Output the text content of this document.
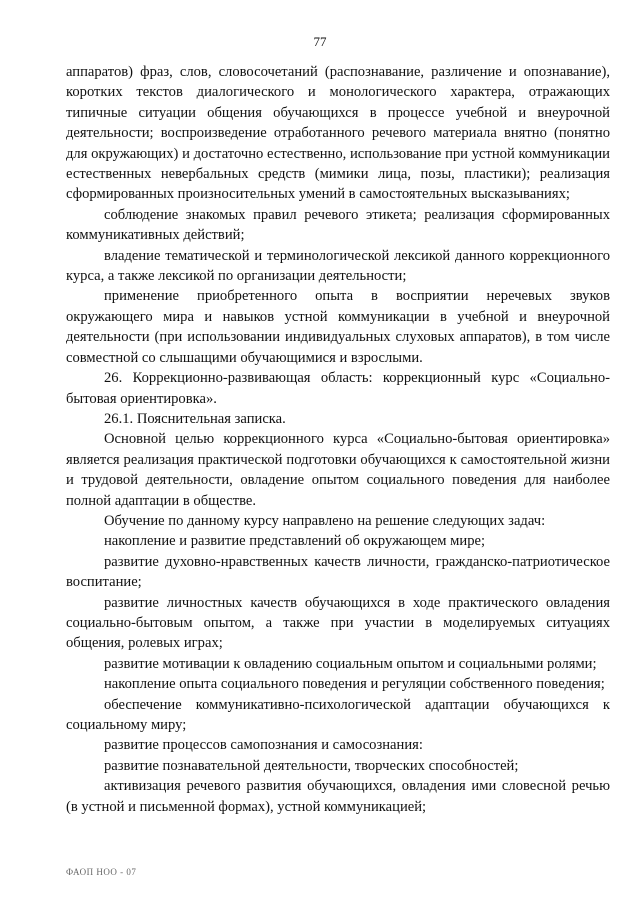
77

аппаратов) фраз, слов, словосочетаний (распознавание, различение и опознавание), коротких текстов диалогического и монологического характера, отражающих типичные ситуации общения обучающихся в процессе учебной и внеурочной деятельности; воспроизведение отработанного речевого материала внятно (понятно для окружающих) и достаточно естественно, использование при устной коммуникации естественных невербальных средств (мимики лица, позы, пластики); реализация сформированных произносительных умений в самостоятельных высказываниях;

соблюдение знакомых правил речевого этикета; реализация сформированных коммуникативных действий;

владение тематической и терминологической лексикой данного коррекционного курса, а также лексикой по организации деятельности;

применение приобретенного опыта в восприятии неречевых звуков окружающего мира и навыков устной коммуникации в учебной и внеурочной деятельности (при использовании индивидуальных слуховых аппаратов), в том числе совместной со слышащими обучающимися и взрослыми.

26. Коррекционно-развивающая область: коррекционный курс «Социально-бытовая ориентировка».

26.1. Пояснительная записка.

Основной целью коррекционного курса «Социально-бытовая ориентировка» является реализация практической подготовки обучающихся к самостоятельной жизни и трудовой деятельности, овладение опытом социального поведения для наиболее полной адаптации в обществе.

Обучение по данному курсу направлено на решение следующих задач:

накопление и развитие представлений об окружающем мире;

развитие духовно-нравственных качеств личности, гражданско-патриотическое воспитание;

развитие личностных качеств обучающихся в ходе практического овладения социально-бытовым опытом, а также при участии в моделируемых ситуациях общения, ролевых играх;

развитие мотивации к овладению социальным опытом и социальными ролями;

накопление опыта социального поведения и регуляции собственного поведения;

обеспечение коммуникативно-психологической адаптации обучающихся к социальному миру;

развитие процессов самопознания и самосознания:

развитие познавательной деятельности, творческих способностей;

активизация речевого развития обучающихся, овладения ими словесной речью (в устной и письменной формах), устной коммуникацией;

ФАОП НОО - 07
